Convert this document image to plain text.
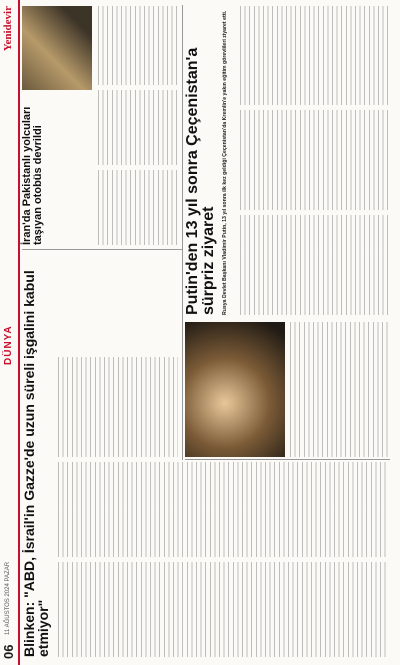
06
11 AĞUSTOS 2024 PAZAR
DÜNYA
Yenidevir
Blinken: "ABD, İsrail'in Gazze'de uzun süreli işgalini kabul etmiyor"
İran'da Pakistanlı yolcuları taşıyan otobüs devrildi	Putin'den 13 yıl sonra Çeçenistan'a sürpriz ziyaret Rusya Devlet Başkanı Vladimir Putin, 13 yıl sonra ilk kez geldiği Çeçenistan'da Kremlin'e yakın eğitim görevlileri ziyaret etti.
